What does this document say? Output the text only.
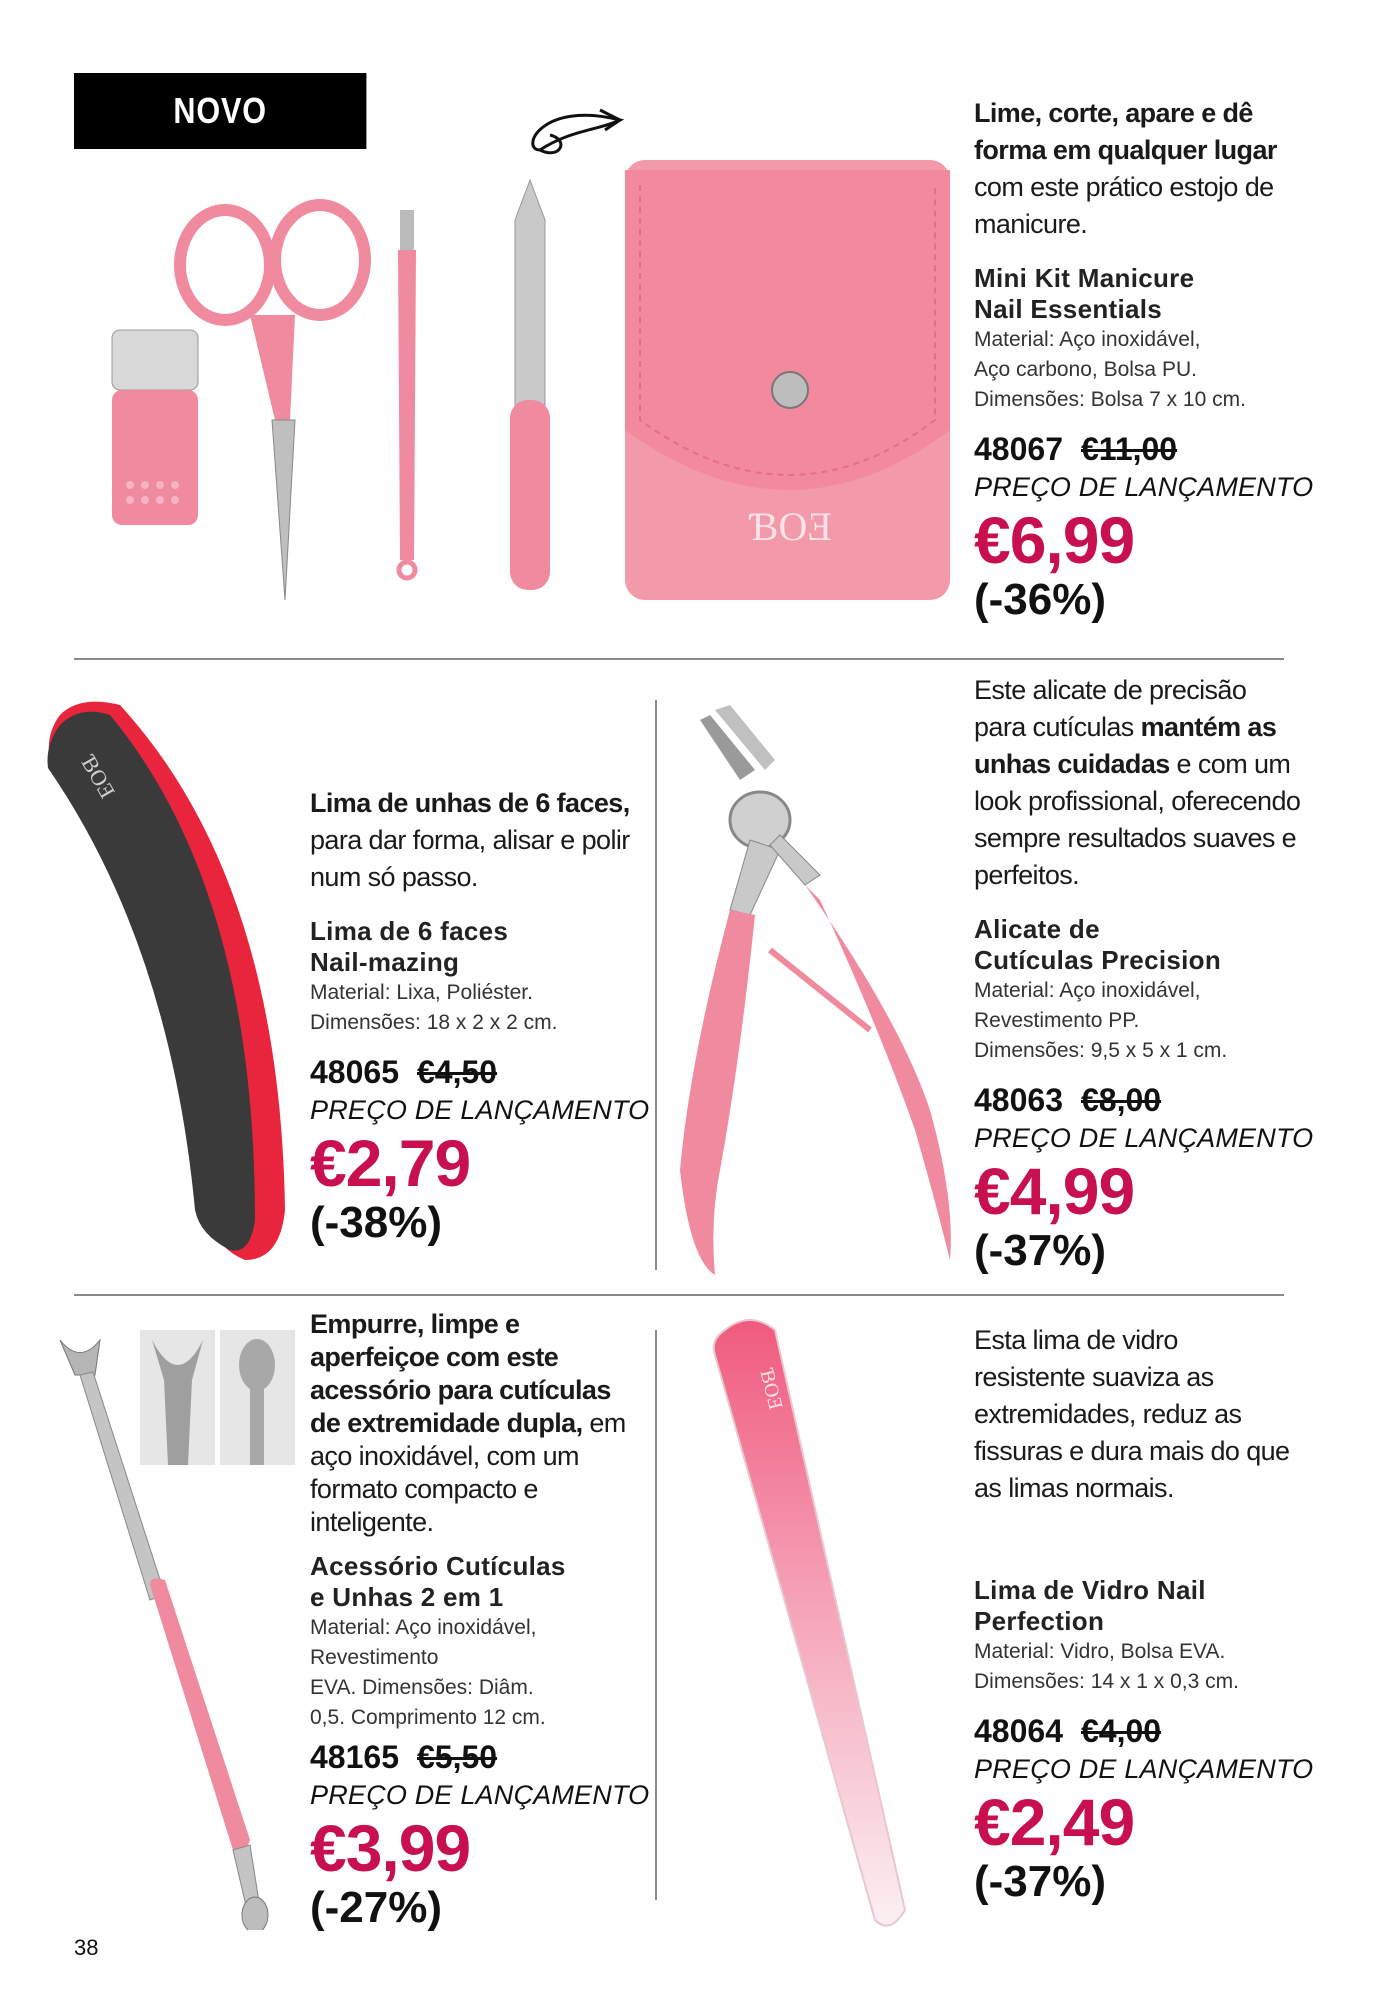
NOVO
ƁOƎ
Lime, corte, apare e dê forma em qualquer lugar com este prático estojo de manicure.
Mini Kit Manicure
Nail Essentials
Material: Aço inoxidável,
Aço carbono, Bolsa PU.
Dimensões: Bolsa 7 x 10 cm.
48067 €11,00
PREÇO DE LANÇAMENTO
€6,99
(-36%)
ƁOƎ
Lima de unhas de 6 faces, para dar forma, alisar e polir num só passo.
Lima de 6 faces
Nail-mazing
Material: Lixa, Poliéster.
Dimensões: 18 x 2 x 2 cm.
48065 €4,50
PREÇO DE LANÇAMENTO
€2,79
(-38%)
Este alicate de precisão para cutículas mantém as unhas cuidadas e com um look profissional, oferecendo sempre resultados suaves e perfeitos.
Alicate de
Cutículas Precision
Material: Aço inoxidável,
Revestimento PP.
Dimensões: 9,5 x 5 x 1 cm.
48063 €8,00
PREÇO DE LANÇAMENTO
€4,99
(-37%)
Empurre, limpe e aperfeiçoe com este acessório para cutículas de extremidade dupla, em aço inoxidável, com um formato compacto e inteligente.
Acessório Cutículas
e Unhas 2 em 1
Material: Aço inoxidável,
Revestimento
EVA. Dimensões: Diâm.
0,5. Comprimento 12 cm.
48165 €5,50
PREÇO DE LANÇAMENTO
€3,99
(-27%)
ƁOƎ
Esta lima de vidro resistente suaviza as extremidades, reduz as fissuras e dura mais do que as limas normais.
Lima de Vidro Nail
Perfection
Material: Vidro, Bolsa EVA.
Dimensões: 14 x 1 x 0,3 cm.
48064 €4,00
PREÇO DE LANÇAMENTO
€2,49
(-37%)
38
